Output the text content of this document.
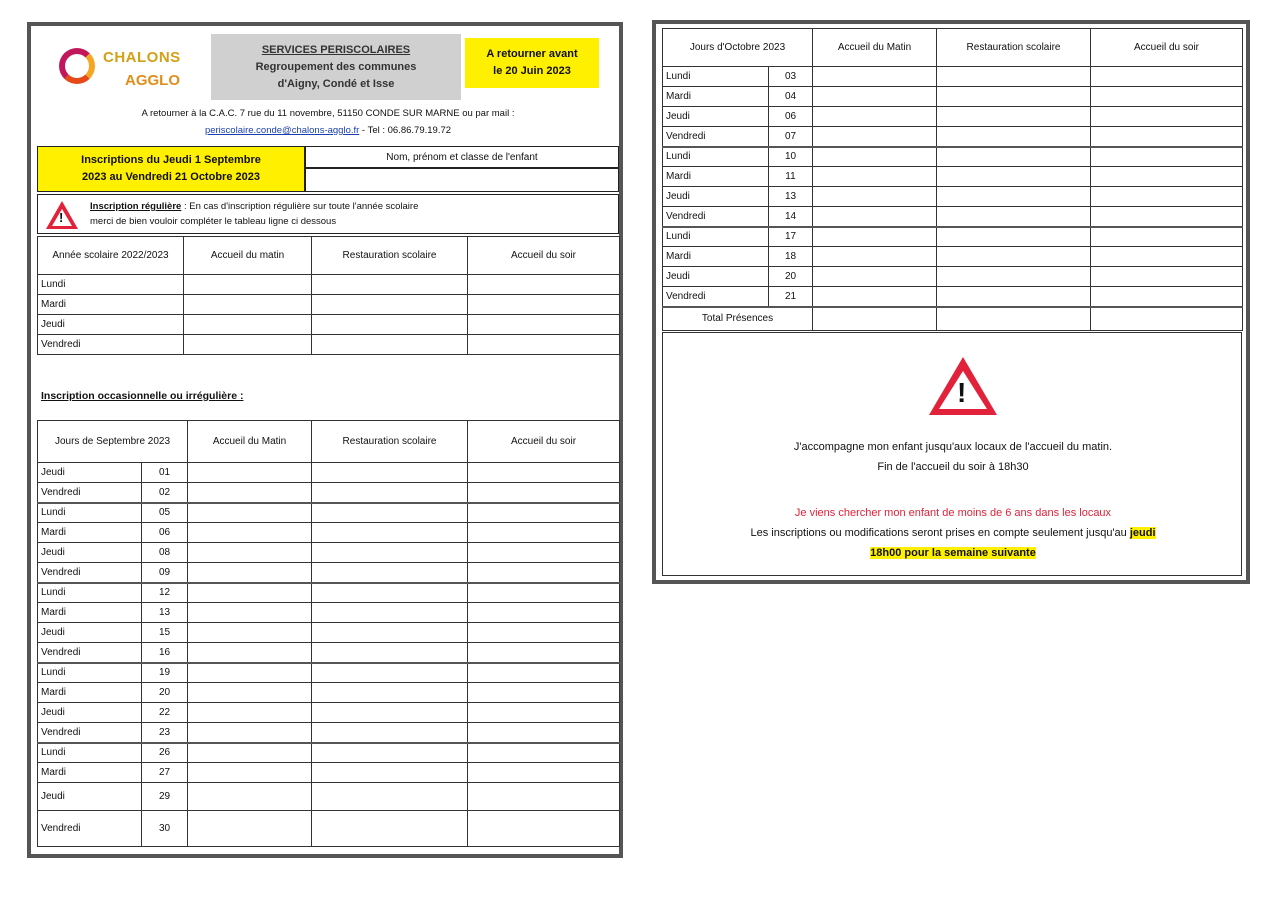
CHALONS
AGGLO
SERVICES PERISCOLAIRES
Regroupement des communes
d'Aigny, Condé et Isse
A retourner avant
le 20 Juin 2023
A retourner à la C.A.C. 7 rue du 11 novembre, 51150 CONDE SUR MARNE ou par mail :
periscolaire.conde@chalons-agglo.fr - Tel : 06.86.79.19.72
Inscriptions du Jeudi 1 Septembre
2023 au Vendredi 21 Octobre 2023
Nom, prénom et classe de l'enfant
!
Inscription régulière : En cas d'inscription régulière sur toute l'année scolaire
merci de bien vouloir compléter le tableau ligne ci dessous
Année scolaire 2022/2023	Accueil du matin	Restauration scolaire	Accueil du soir
Lundi			
Mardi			
Jeudi			
Vendredi			
Inscription occasionnelle ou irrégulière :
Jours de Septembre 2023		Accueil du Matin	Restauration scolaire	Accueil du soir
Jeudi	01			
Vendredi	02			
Lundi	05			
Mardi	06			
Jeudi	08			
Vendredi	09			
Lundi	12			
Mardi	13			
Jeudi	15			
Vendredi	16			
Lundi	19			
Mardi	20			
Jeudi	22			
Vendredi	23			
Lundi	26			
Mardi	27			
Jeudi	29			
Vendredi	30			
Jours d'Octobre 2023		Accueil du Matin	Restauration scolaire	Accueil du soir
Lundi	03			
Mardi	04			
Jeudi	06			
Vendredi	07			
Lundi	10			
Mardi	11			
Jeudi	13			
Vendredi	14			
Lundi	17			
Mardi	18			
Jeudi	20			
Vendredi	21			
Total Présences				
!
J'accompagne mon enfant jusqu'aux locaux de l'accueil du matin.
Fin de l'accueil du soir à 18h30
Je viens chercher mon enfant de moins de 6 ans dans les locaux
Les inscriptions ou modifications seront prises en compte seulement jusqu'au jeudi
18h00 pour la semaine suivante
